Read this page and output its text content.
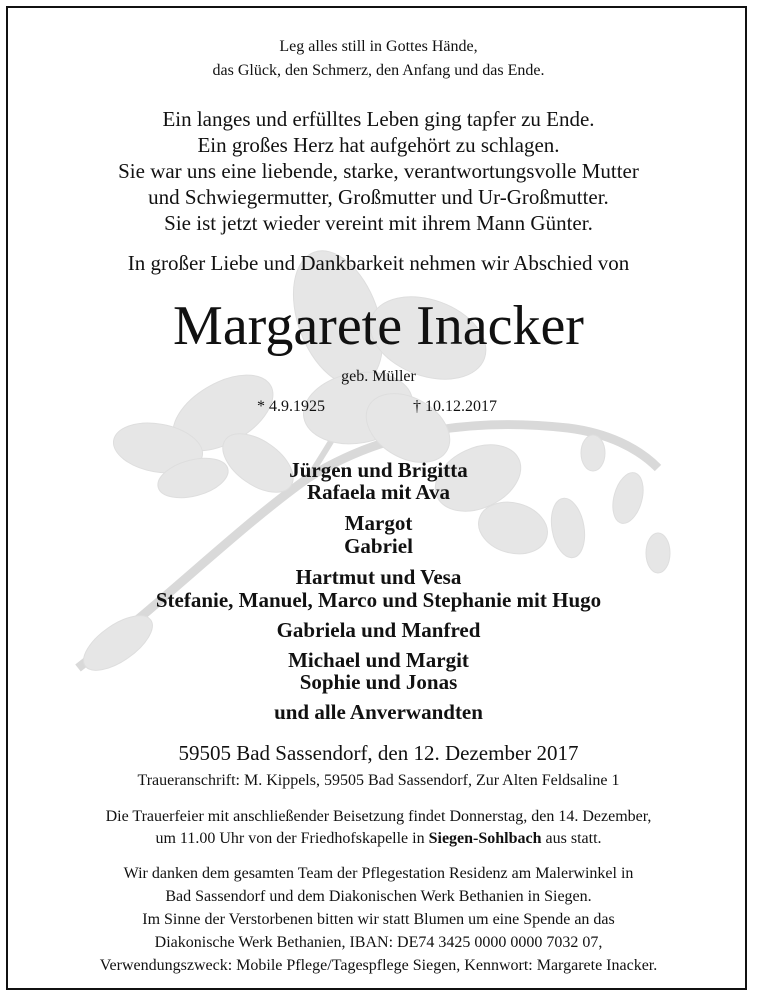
Leg alles still in Gottes Hände,
das Glück, den Schmerz, den Anfang und das Ende.
Ein langes und erfülltes Leben ging tapfer zu Ende.
Ein großes Herz hat aufgehört zu schlagen.
Sie war uns eine liebende, starke, verantwortungsvolle Mutter
und Schwiegermutter, Großmutter und Ur-Großmutter.
Sie ist jetzt wieder vereint mit ihrem Mann Günter.
In großer Liebe und Dankbarkeit nehmen wir Abschied von
Margarete Inacker
geb. Müller
* 4.9.1925	† 10.12.2017
Jürgen und Brigitta
Rafaela mit Ava
Margot
Gabriel
Hartmut und Vesa
Stefanie, Manuel, Marco und Stephanie mit Hugo
Gabriela und Manfred
Michael und Margit
Sophie und Jonas
und alle Anverwandten
59505 Bad Sassendorf, den 12. Dezember 2017
Traueranschrift: M. Kippels, 59505 Bad Sassendorf, Zur Alten Feldsaline 1
Die Trauerfeier mit anschließender Beisetzung findet Donnerstag, den 14. Dezember,
um 11.00 Uhr von der Friedhofskapelle in Siegen-Sohlbach aus statt.
Wir danken dem gesamten Team der Pflegestation Residenz am Malerwinkel in
Bad Sassendorf und dem Diakonischen Werk Bethanien in Siegen.
Im Sinne der Verstorbenen bitten wir statt Blumen um eine Spende an das
Diakonische Werk Bethanien, IBAN: DE74 3425 0000 0000 7032 07,
Verwendungszweck: Mobile Pflege/Tagespflege Siegen, Kennwort: Margarete Inacker.
